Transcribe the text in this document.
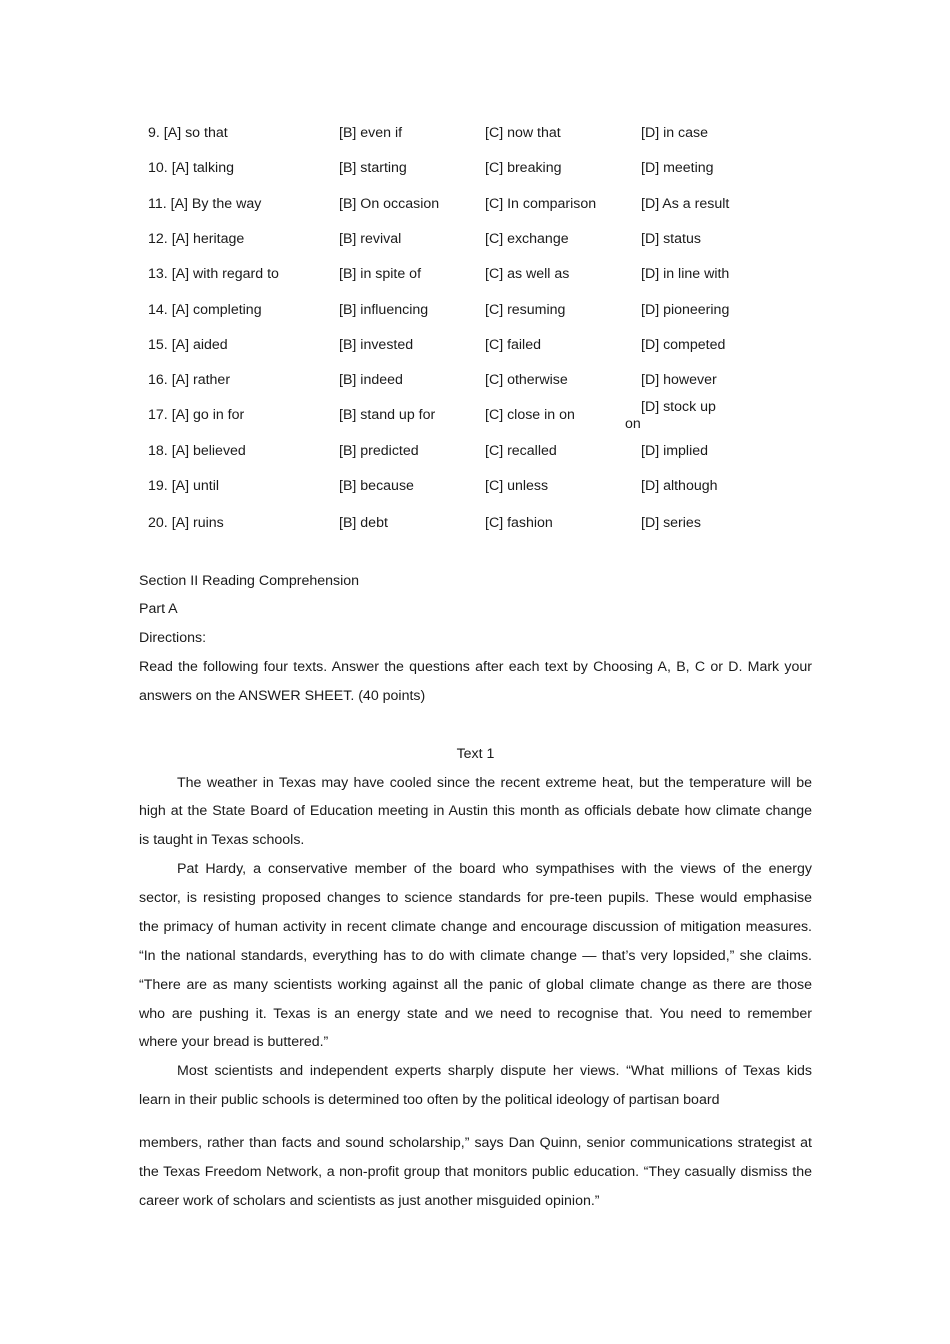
9. [A] so that	[B] even if	[C] now that	[D] in case
10. [A] talking	[B] starting	[C] breaking	[D] meeting
11. [A] By the way	[B] On occasion	[C] In comparison	[D] As a result
12. [A] heritage	[B] revival	[C] exchange	[D] status
13. [A] with regard to	[B] in spite of	[C] as well as	[D] in line with
14. [A] completing	[B] influencing	[C] resuming	[D] pioneering
15. [A] aided	[B] invested	[C] failed	[D] competed
16. [A] rather	[B] indeed	[C] otherwise	[D] however
17. [A] go in for	[B] stand up for	[C] close in on	[D] stock up
on
18. [A] believed	[B] predicted	[C] recalled	[D] implied
19. [A] until	[B] because	[C] unless	[D] although
20. [A] ruins	[B] debt	[C] fashion	[D] series
Section II Reading Comprehension
Part A
Directions:
Read the following four texts. Answer the questions after each text by Choosing A, B, C or D. Mark your
answers on the ANSWER SHEET. (40 points)
Text 1
The weather in Texas may have cooled since the recent extreme heat, but the temperature will be
high at the State Board of Education meeting in Austin this month as officials debate how climate change
is taught in Texas schools.
Pat Hardy, a conservative member of the board who sympathises with the views of the energy
sector, is resisting proposed changes to science standards for pre-teen pupils. These would emphasise
the primacy of human activity in recent climate change and encourage discussion of mitigation measures.
“In the national standards, everything has to do with climate change — that’s very lopsided,” she claims.
“There are as many scientists working against all the panic of global climate change as there are those
who are pushing it. Texas is an energy state and we need to recognise that. You need to remember
where your bread is buttered.”
Most scientists and independent experts sharply dispute her views. “What millions of Texas kids
learn in their public schools is determined too often by the political ideology of partisan board
members, rather than facts and sound scholarship,” says Dan Quinn, senior communications strategist at
the Texas Freedom Network, a non-profit group that monitors public education. “They casually dismiss the
career work of scholars and scientists as just another misguided opinion.”
